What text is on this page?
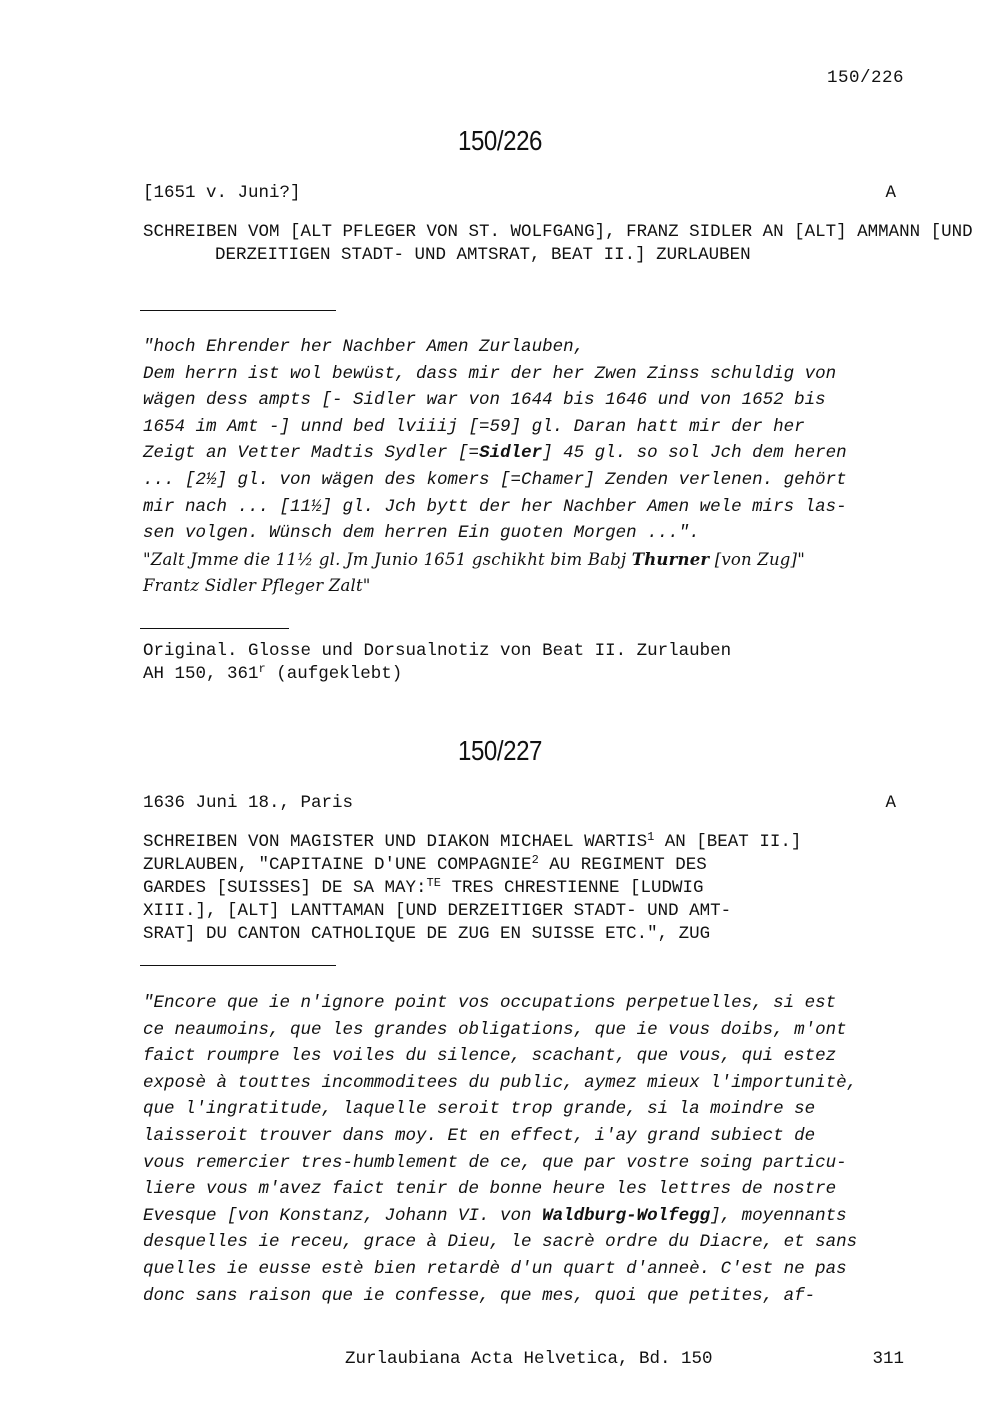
150/226
150/226
[1651 v. Juni?]	A
SCHREIBEN VOM [ALT PFLEGER VON ST. WOLFGANG], FRANZ SIDLER AN [ALT] AMMANN [UND DERZEITIGEN STADT- UND AMTSRAT, BEAT II.] ZURLAUBEN
"hoch Ehrender her Nachber Amen Zurlauben,
Dem herrn ist wol bewüst, dass mir der her Zwen Zinss schuldig von
wägen dess ampts [- Sidler war von 1644 bis 1646 und von 1652 bis
1654 im Amt -] unnd bed lviiij [=59] gl. Daran hatt mir der her
Zeigt an Vetter Madtis Sydler [=Sidler] 45 gl. so sol Jch dem heren
... [2½] gl. von wägen des komers [=Chamer] Zenden verlenen. gehört
mir nach ... [11½] gl. Jch bytt der her Nachber Amen wele mirs las-
sen volgen. Wünsch dem herren Ein guoten Morgen ...".
"Zalt Jmme die 11½ gl. Jm Junio 1651 gschikht bim Babj Thurner [von Zug]"
Frantz Sidler Pfleger Zalt"
Original. Glosse und Dorsualnotiz von Beat II. Zurlauben
AH 150, 361$^r$ (aufgeklebt)
150/227
1636 Juni 18., Paris	A
SCHREIBEN VON MAGISTER UND DIAKON MICHAEL WARTIS$^1$ AN [BEAT II.]
ZURLAUBEN, "CAPITAINE D'UNE COMPAGNIE$^2$ AU REGIMENT DES
GARDES [SUISSES] DE SA MAY:$^{TE}$ TRES CHRESTIENNE [LUDWIG
XIII.], [ALT] LANTTAMAN [UND DERZEITIGER STADT- UND AMT-
SRAT] DU CANTON CATHOLIQUE DE ZUG EN SUISSE ETC.", ZUG
"Encore que ie n'ignore point vos occupations perpetuelles, si est
ce neaumoins, que les grandes obligations, que ie vous doibs, m'ont
faict roumpre les voiles du silence, scachant, que vous, qui estez
exposè à touttes incommoditees du public, aymez mieux l'importunitè,
que l'ingratitude, laquelle seroit trop grande, si la moindre se
laisseroit trouver dans moy. Et en effect, i'ay grand subiect de
vous remercier tres-humblement de ce, que par vostre soing particu-
liere vous m'avez faict tenir de bonne heure les lettres de nostre
Evesque [von Konstanz, Johann VI. von Waldburg-Wolfegg], moyennants
desquelles ie receu, grace à Dieu, le sacrè ordre du Diacre, et sans
quelles ie eusse estè bien retardè d'un quart d'anneè. C'est ne pas
donc sans raison que ie confesse, que mes, quoi que petites, af-
Zurlaubiana Acta Helvetica, Bd. 150	311
